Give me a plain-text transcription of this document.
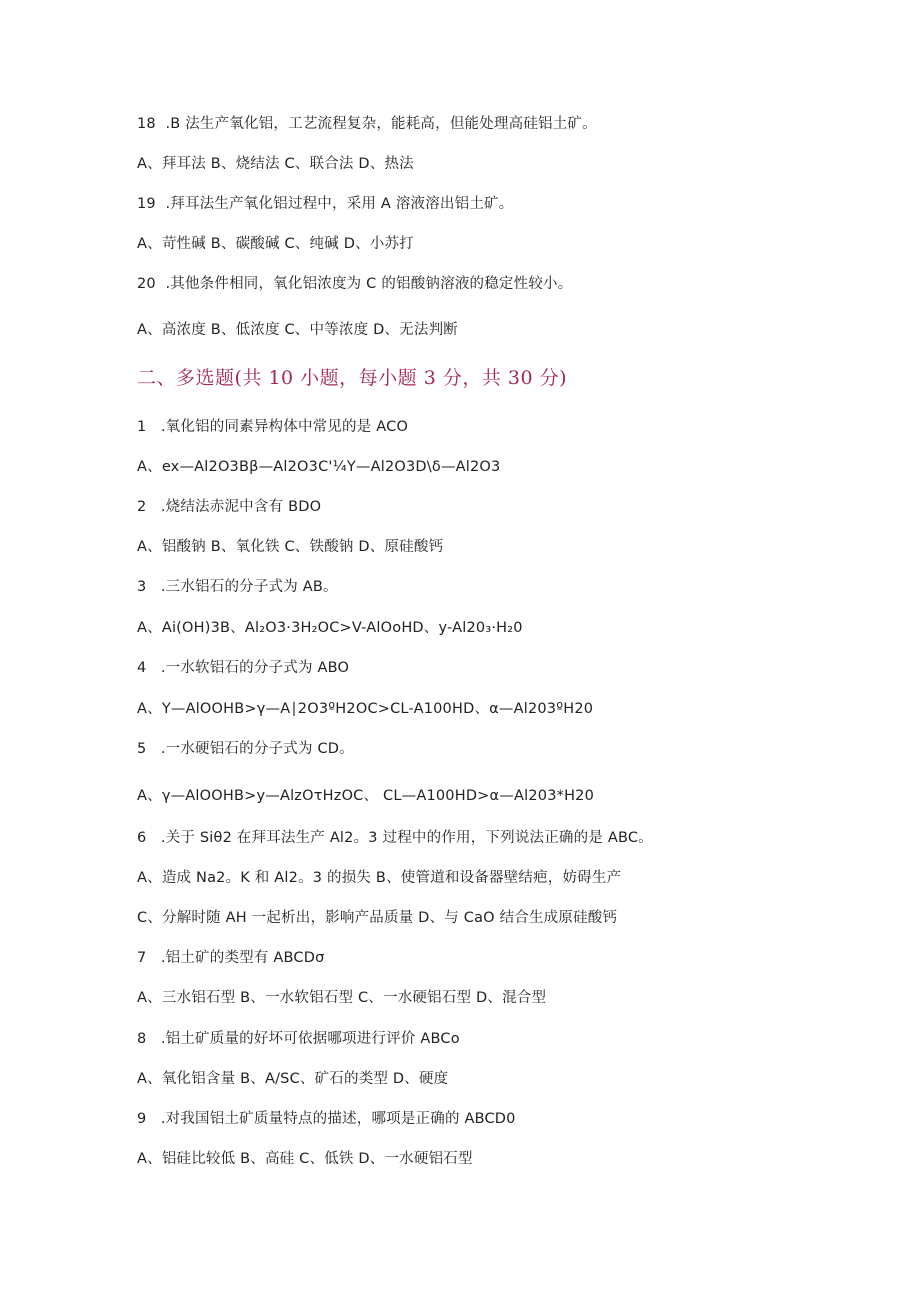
18  .B 法生产氧化铝，工艺流程复杂，能耗高，但能处理高硅铝土矿。
A、拜耳法 B、烧结法 C、联合法 D、热法
19  .拜耳法生产氧化铝过程中，采用 A 溶液溶出铝土矿。
A、苛性碱 B、碳酸碱 C、纯碱 D、小苏打
20  .其他条件相同，氧化铝浓度为 C 的铝酸钠溶液的稳定性较小。
A、高浓度 B、低浓度 C、中等浓度 D、无法判断
二、多选题(共 10 小题，每小题 3 分，共 30 分)
1   .氧化铝的同素异构体中常见的是 ACO
A、ex—Al2O3Bβ—Al2O3C'¼Y—Al2O3D\δ—Al2O3
2   .烧结法赤泥中含有 BDO
A、铝酸钠 B、氧化铁 C、铁酸钠 D、原硅酸钙
3   .三水铝石的分子式为 AB。
A、Ai(OH)3B、Al₂O3·3H₂OC>V-AlOoHD、y-Al20₃·H₂0
4   .一水软铝石的分子式为 ABO
A、Y—AlOOHB>γ—A∣2O3ºH2OC>CL-A100HD、α—Al203ºH20
5   .一水硬铝石的分子式为 CD。
A、γ—AlOOHB>y—AlzOτHzOC、 CL—A100HD>α—Al203*H20
6   .关于 Siθ2 在拜耳法生产 Al2。3 过程中的作用，下列说法正确的是 ABC。
A、造成 Na2。K 和 Al2。3 的损失 B、使管道和设备器壁结疤，妨碍生产
C、分解时随 AH 一起析出，影响产品质量 D、与 CaO 结合生成原硅酸钙
7   .铝土矿的类型有 ABCDσ
A、三水铝石型 B、一水软铝石型 C、一水硬铝石型 D、混合型
8   .铝土矿质量的好坏可依据哪项进行评价 ABCo
A、氧化铝含量 B、A/SC、矿石的类型 D、硬度
9   .对我国铝土矿质量特点的描述，哪项是正确的 ABCD0
A、铝硅比较低 B、高硅 C、低铁 D、一水硬铝石型
